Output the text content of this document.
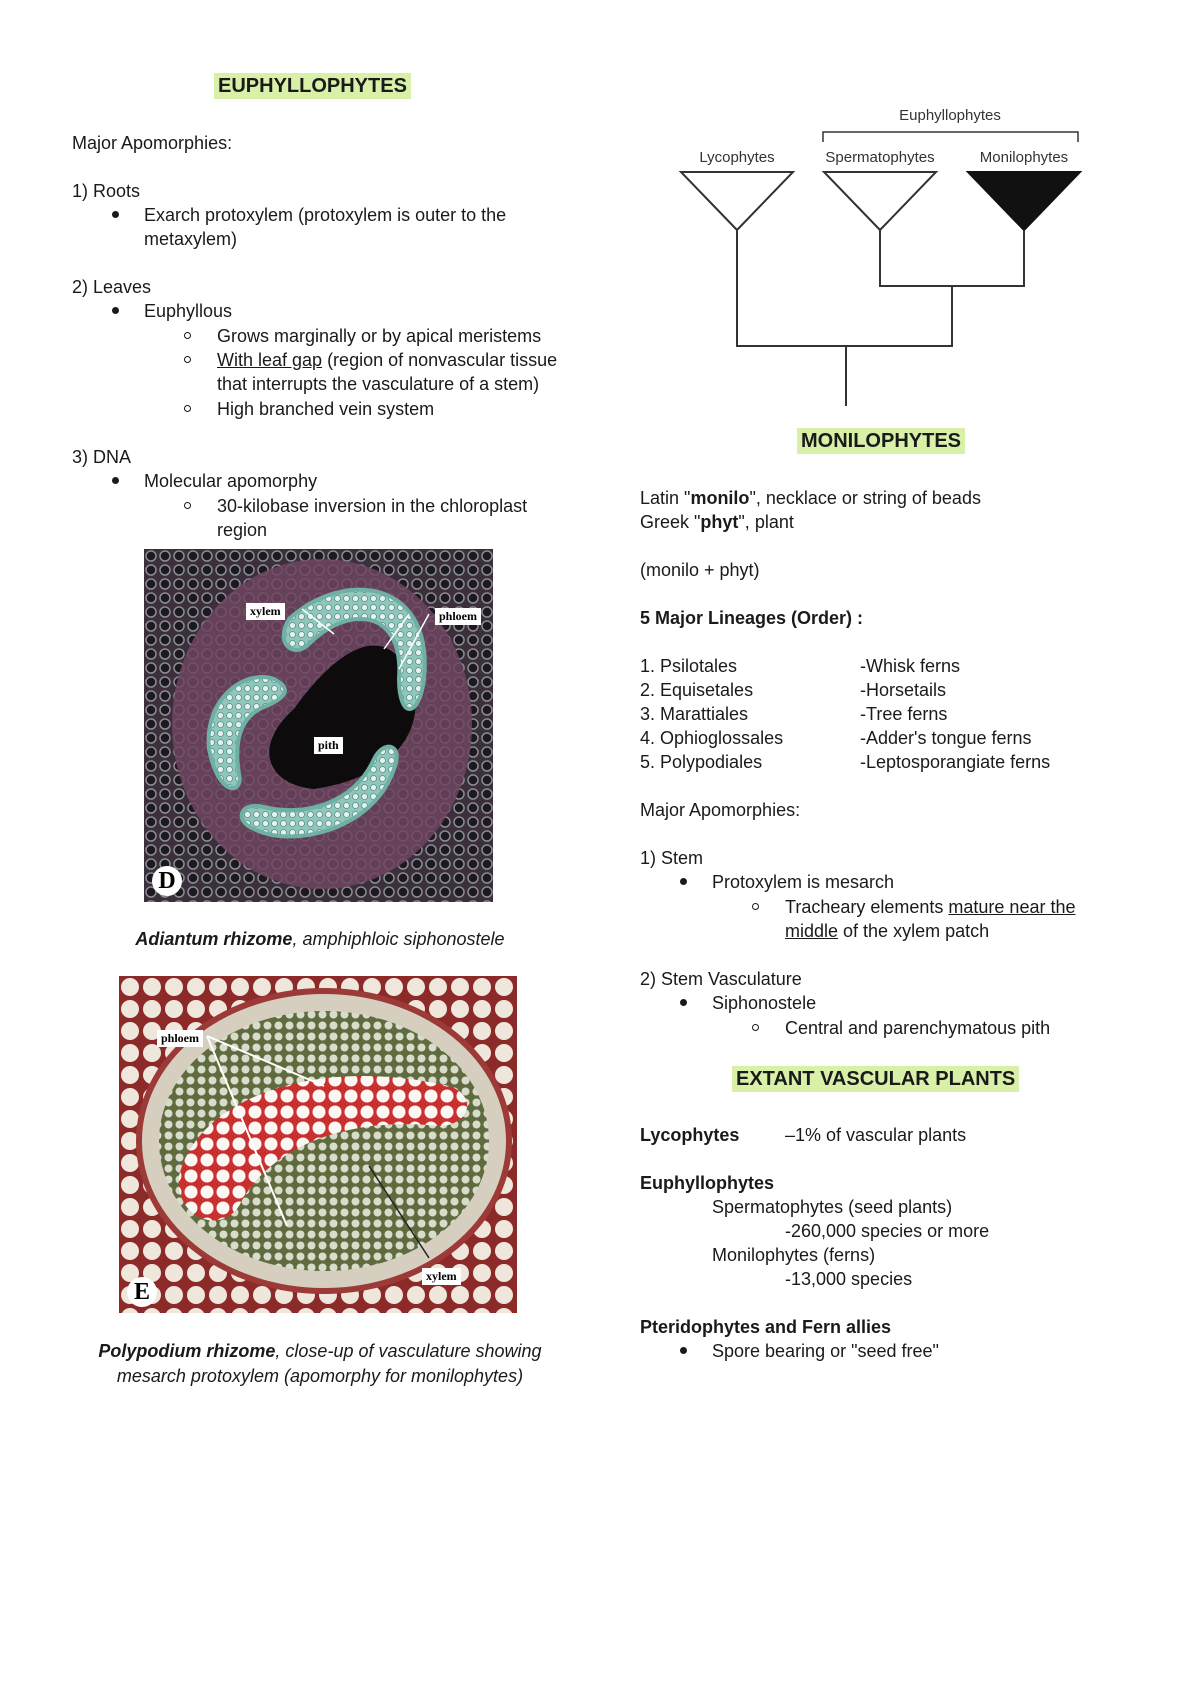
EUPHYLLOPHYTES
Major Apomorphies:
1) Roots
Exarch protoxylem (protoxylem is outer to the
metaxylem)
2) Leaves
Euphyllous
Grows marginally or by apical meristems
With leaf gap (region of nonvascular tissue
that interrupts the vasculature of a stem)
High branched vein system
3) DNA
Molecular apomorphy
30-kilobase inversion in the chloroplast
region
xylem	phloem
pith
D
Adiantum rhizome, amphiphloic siphonostele
phloem
xylem
E
Polypodium rhizome, close-up of vasculature showing
mesarch protoxylem (apomorphy for monilophytes)
Euphyllophytes
Lycophytes	Spermatophytes	Monilophytes
MONILOPHYTES
Latin "monilo", necklace or string of beads
Greek "phyt", plant
(monilo + phyt)
5 Major Lineages (Order) :
1. Psilotales	-Whisk ferns
2. Equisetales	-Horsetails
3. Marattiales	-Tree ferns
4. Ophioglossales	-Adder's tongue ferns
5. Polypodiales	-Leptosporangiate ferns
Major Apomorphies:
1) Stem
Protoxylem is mesarch
Tracheary elements mature near the
middle of the xylem patch
2) Stem Vasculature
Siphonostele
Central and parenchymatous pith
EXTANT VASCULAR PLANTS
Lycophytes	–1% of vascular plants
Euphyllophytes
Spermatophytes (seed plants)
-260,000 species or more
Monilophytes (ferns)
-13,000 species
Pteridophytes and Fern allies
Spore bearing or "seed free"
